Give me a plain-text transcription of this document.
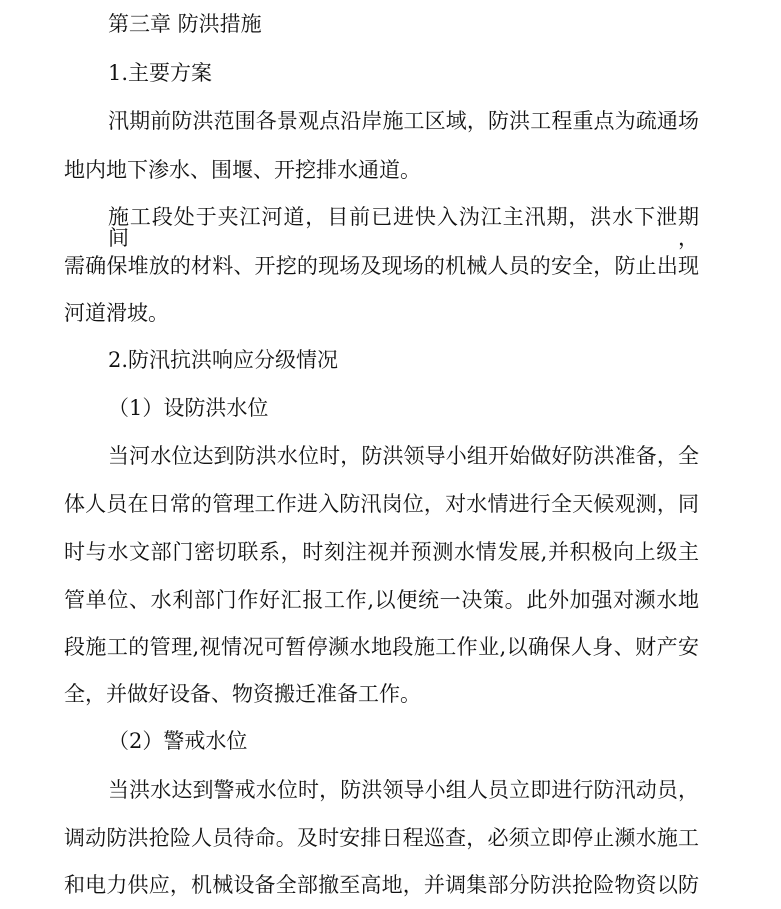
第三章 防洪措施
1.主要方案
汛期前防洪范围各景观点沿岸施工区域，防洪工程重点为疏通场
地内地下渗水、围堰、开挖排水通道。
施工段处于夹江河道，目前已进快入沩江主汛期，洪水下泄期间，
需确保堆放的材料、开挖的现场及现场的机械人员的安全，防止出现
河道滑坡。
2.防汛抗洪响应分级情况
（1）设防洪水位
当河水位达到防洪水位时，防洪领导小组开始做好防洪准备，全
体人员在日常的管理工作进入防汛岗位，对水情进行全天候观测，同
时与水文部门密切联系，时刻注视并预测水情发展,并积极向上级主
管单位、水利部门作好汇报工作,以便统一决策。此外加强对濒水地
段施工的管理,视情况可暂停濒水地段施工作业,以确保人身、财产安
全，并做好设备、物资搬迁准备工作。
（2）警戒水位
当洪水达到警戒水位时，防洪领导小组人员立即进行防汛动员，
调动防洪抢险人员待命。及时安排日程巡查，必须立即停止濒水施工
和电力供应，机械设备全部撤至高地，并调集部分防洪抢险物资以防
